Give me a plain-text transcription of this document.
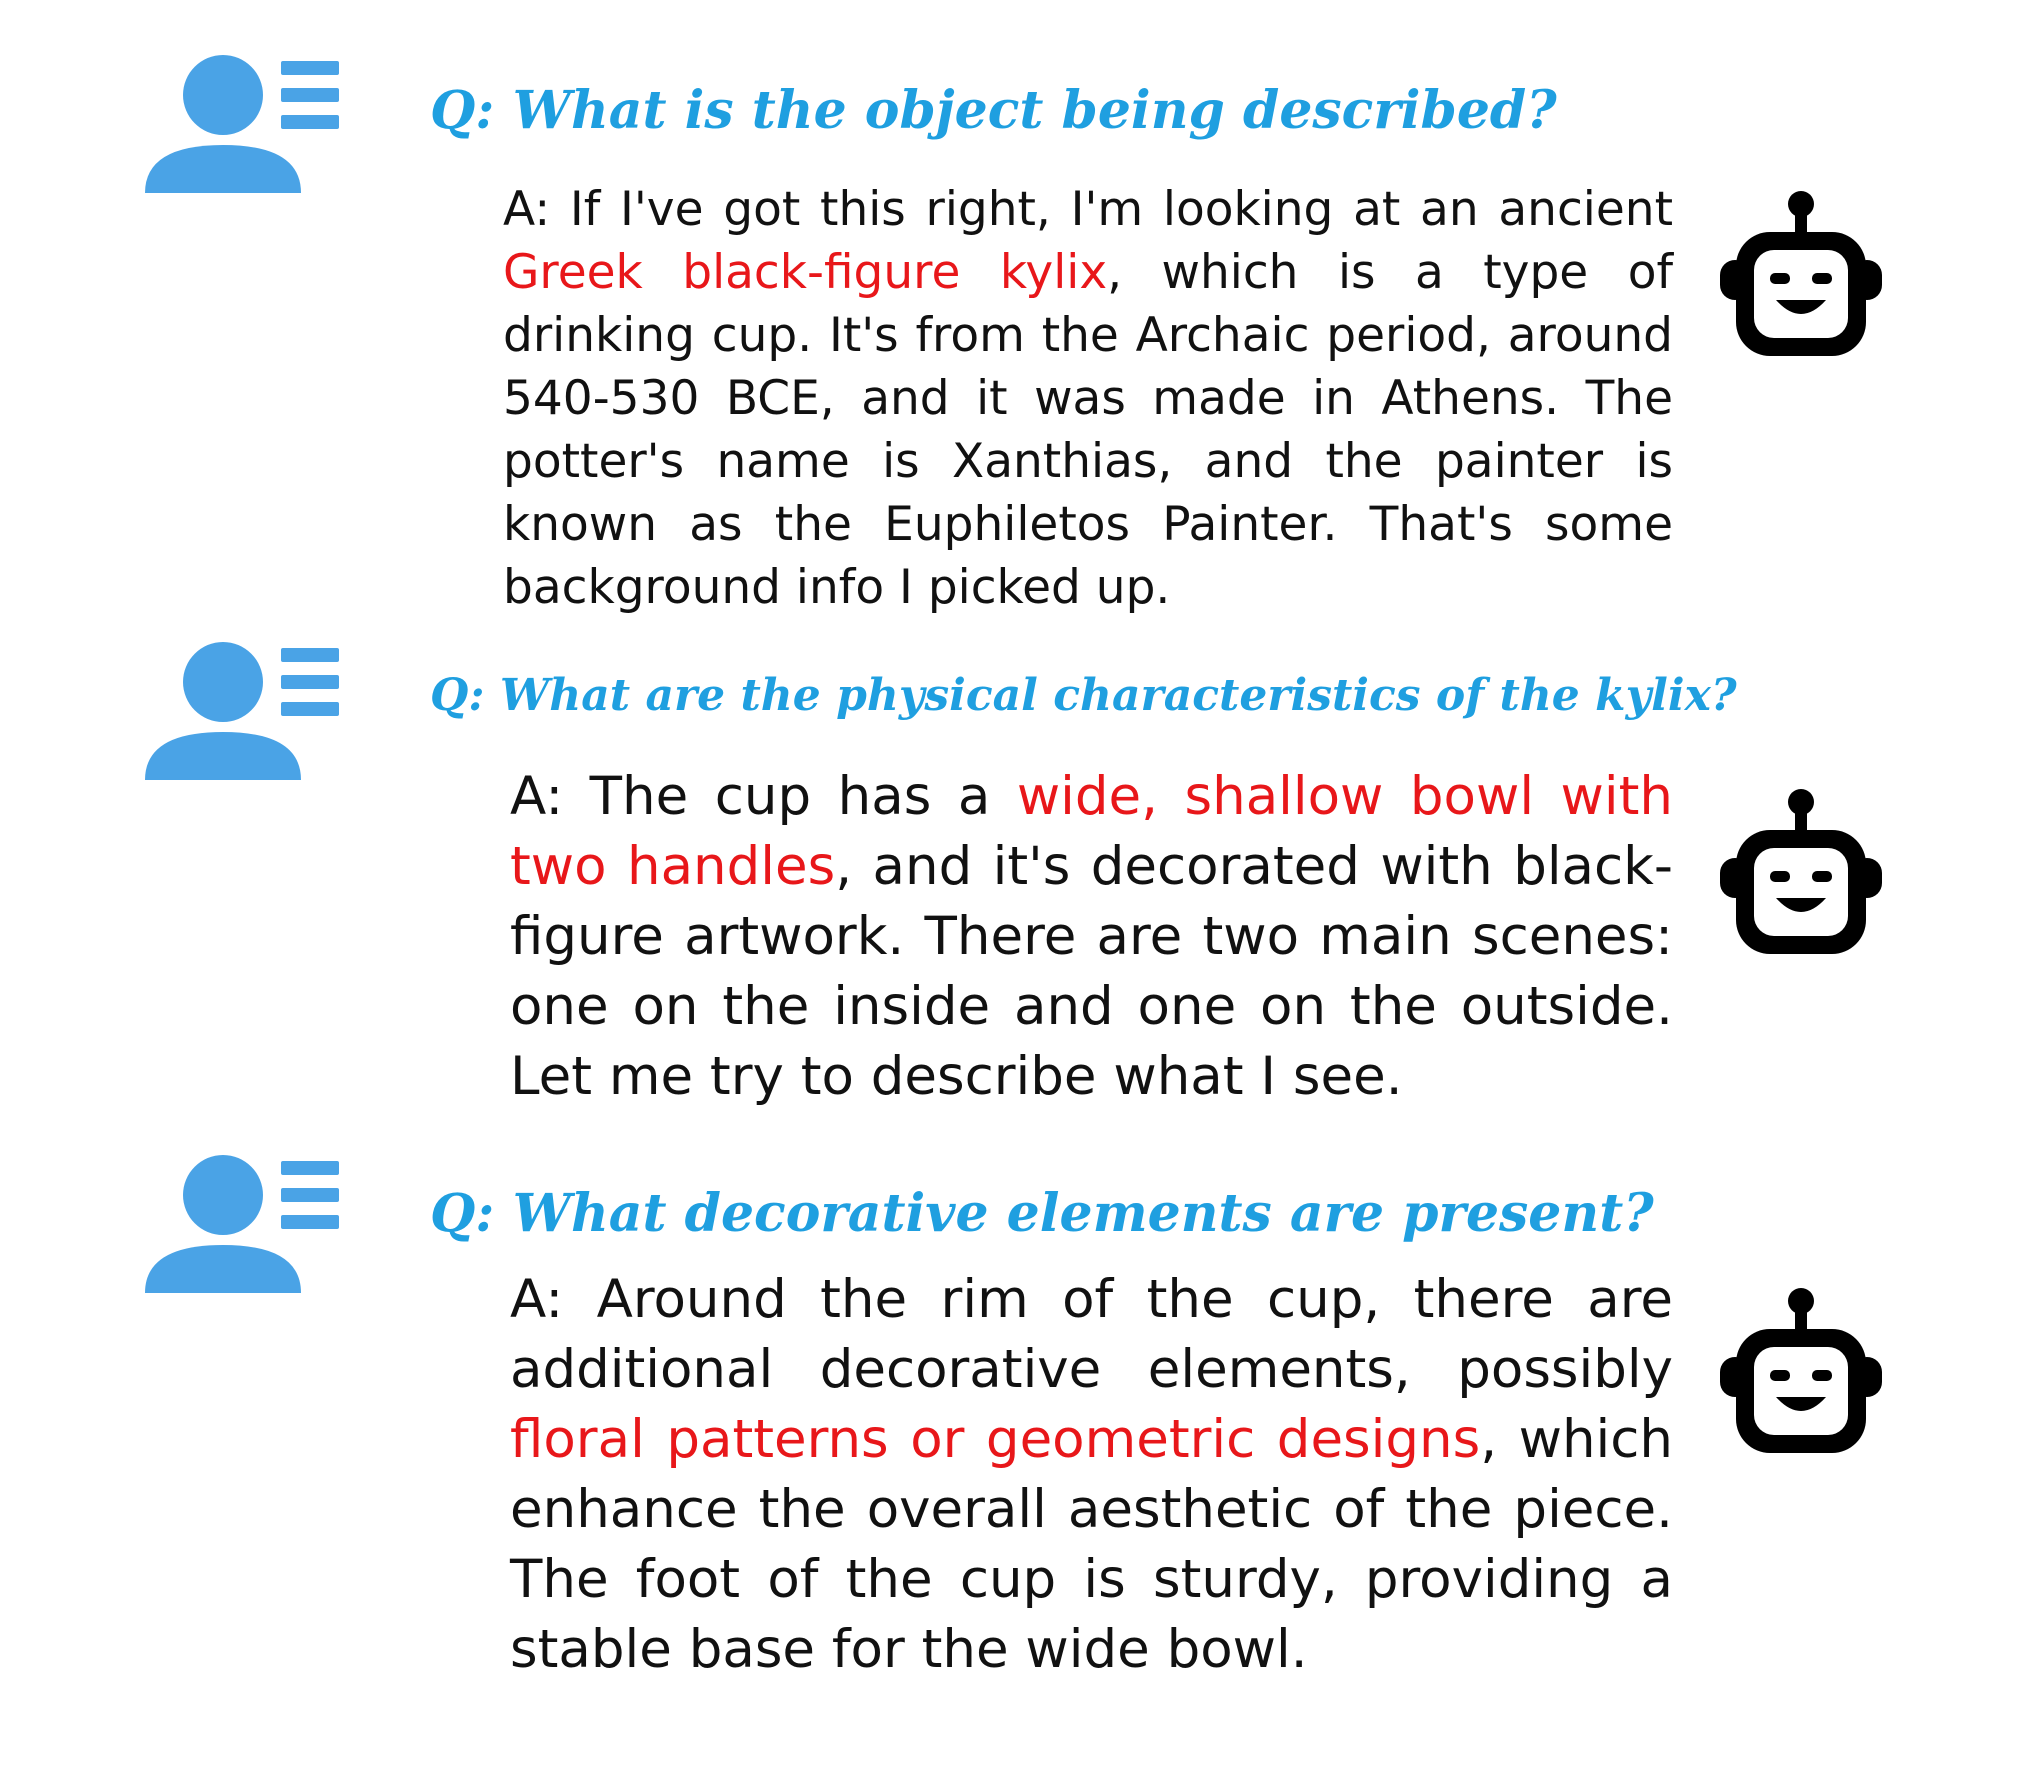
Q: What is the object being described?

A: If I've got this right, I'm looking at an ancient Greek black-figure kylix, which is a type of drinking cup. It's from the Archaic period, around 540-530 BCE, and it was made in Athens. The potter's name is Xanthias, and the painter is known as the Euphiletos Painter. That's some background info I picked up.

Q: What are the physical characteristics of the kylix?

A: The cup has a wide, shallow bowl with two handles, and it's decorated with black-figure artwork. There are two main scenes: one on the inside and one on the outside. Let me try to describe what I see.

Q: What decorative elements are present?

A: Around the rim of the cup, there are additional decorative elements, possibly floral patterns or geometric designs, which enhance the overall aesthetic of the piece. The foot of the cup is sturdy, providing a stable base for the wide bowl.
